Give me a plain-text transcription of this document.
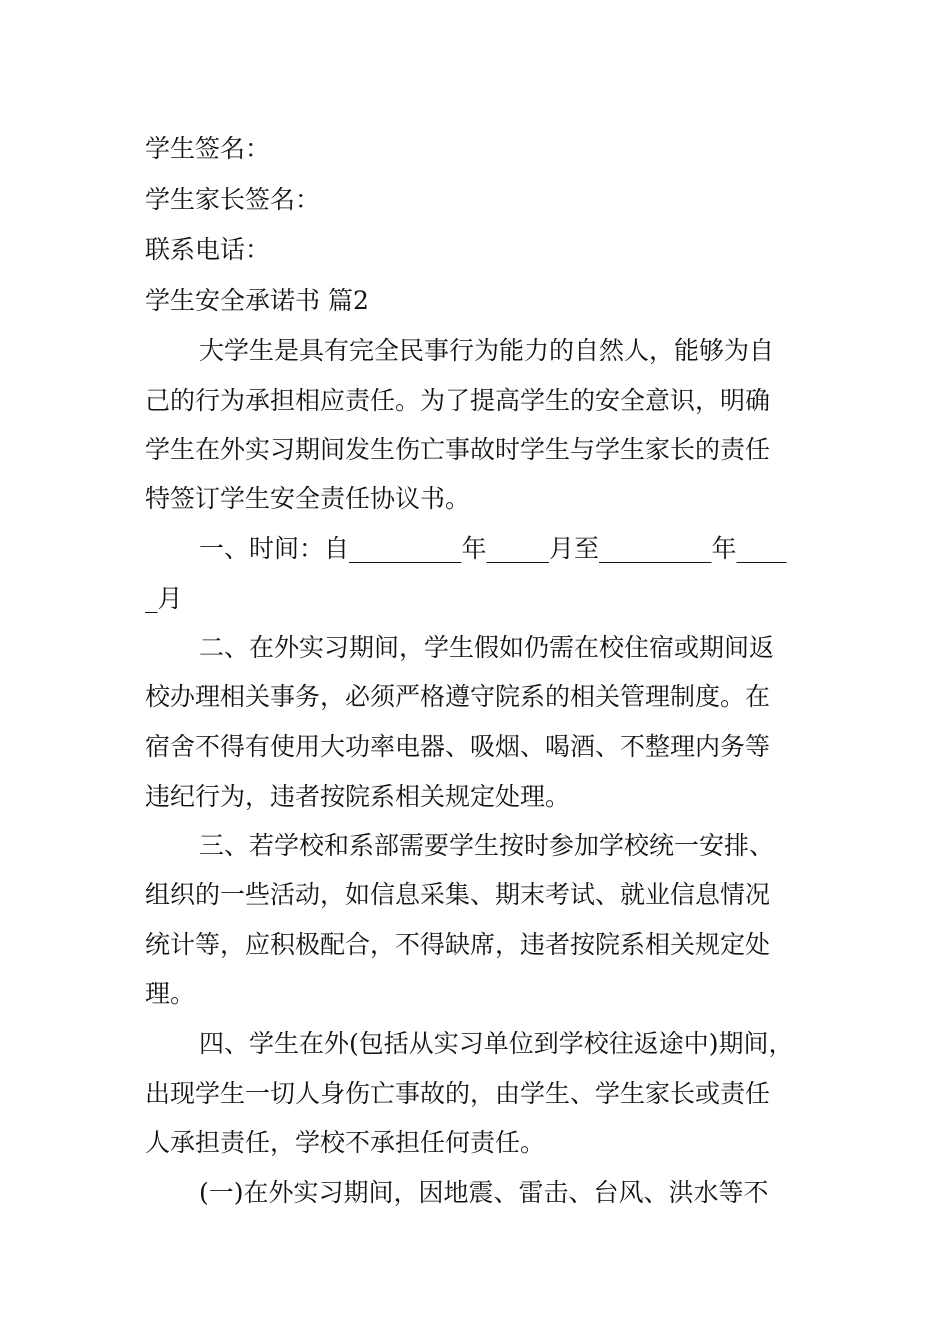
学生签名：
学生家长签名：
联系电话：
学生安全承诺书 篇2
大学生是具有完全民事行为能力的自然人，能够为自
己的行为承担相应责任。为了提高学生的安全意识，明确
学生在外实习期间发生伤亡事故时学生与学生家长的责任
特签订学生安全责任协议书。
一、时间：自_________年_____月至_________年____
_月
二、在外实习期间，学生假如仍需在校住宿或期间返
校办理相关事务，必须严格遵守院系的相关管理制度。在
宿舍不得有使用大功率电器、吸烟、喝酒、不整理内务等
违纪行为，违者按院系相关规定处理。
三、若学校和系部需要学生按时参加学校统一安排、
组织的一些活动，如信息采集、期末考试、就业信息情况
统计等，应积极配合，不得缺席，违者按院系相关规定处
理。
四、学生在外(包括从实习单位到学校往返途中)期间，
出现学生一切人身伤亡事故的，由学生、学生家长或责任
人承担责任，学校不承担任何责任。
(一)在外实习期间，因地震、雷击、台风、洪水等不
